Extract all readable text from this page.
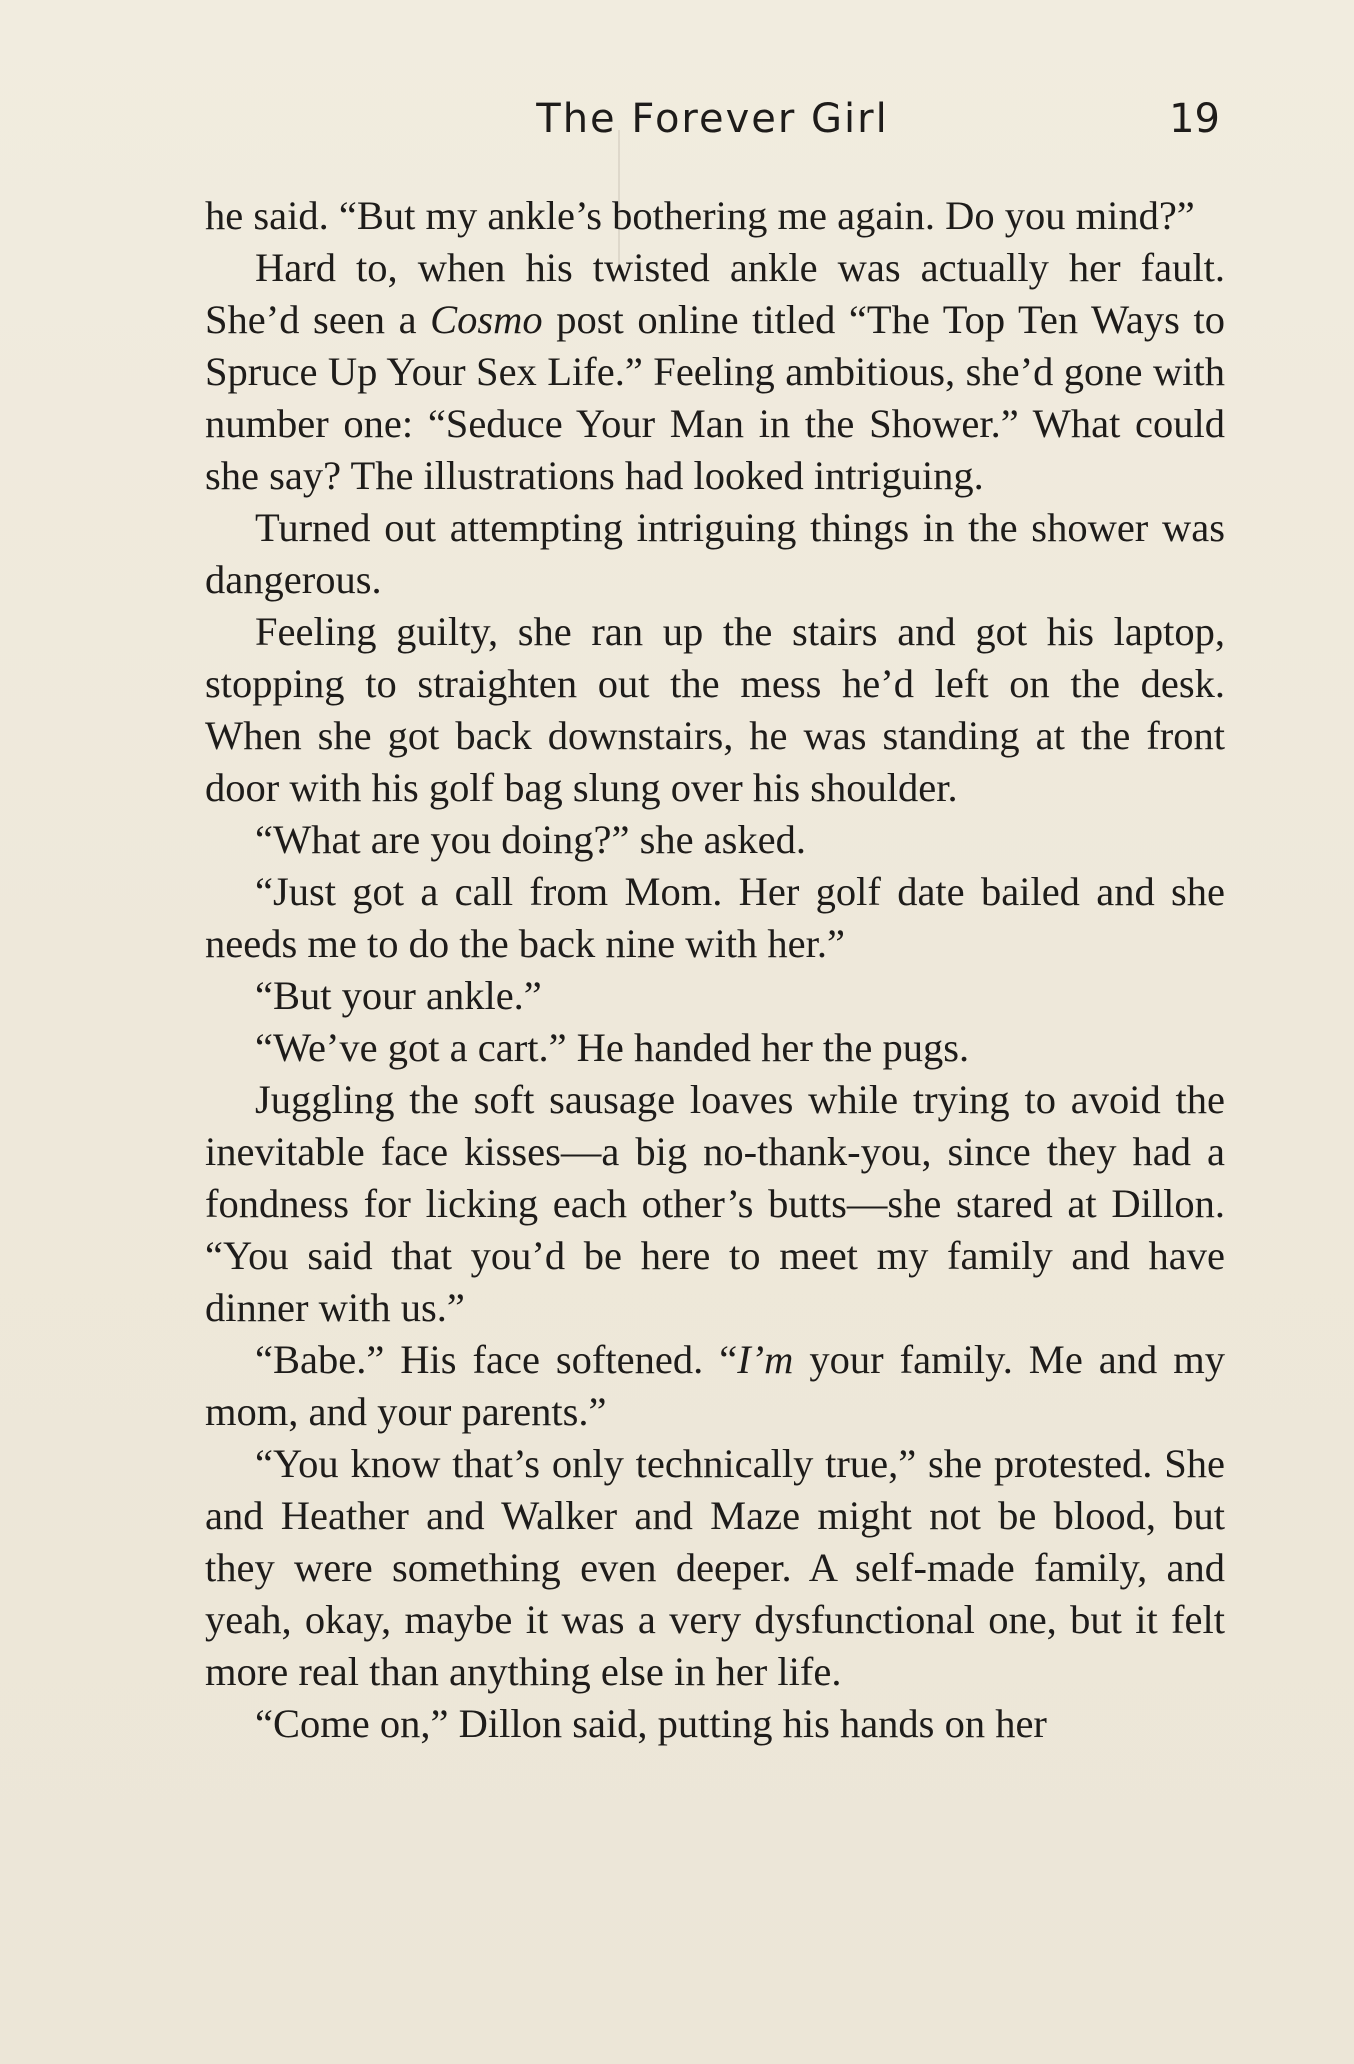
The Forever Girl	19

he said. “But my ankle’s bothering me again. Do you mind?”

Hard to, when his twisted ankle was actually her fault. She’d seen a Cosmo post online titled “The Top Ten Ways to Spruce Up Your Sex Life.” Feeling ambitious, she’d gone with number one: “Seduce Your Man in the Shower.” What could she say? The illustrations had looked intriguing.

Turned out attempting intriguing things in the shower was dangerous.

Feeling guilty, she ran up the stairs and got his laptop, stopping to straighten out the mess he’d left on the desk. When she got back downstairs, he was standing at the front door with his golf bag slung over his shoulder.

“What are you doing?” she asked.

“Just got a call from Mom. Her golf date bailed and she needs me to do the back nine with her.”

“But your ankle.”

“We’ve got a cart.” He handed her the pugs.

Juggling the soft sausage loaves while trying to avoid the inevitable face kisses—a big no-thank-you, since they had a fondness for licking each other’s butts—she stared at Dillon. “You said that you’d be here to meet my family and have dinner with us.”

“Babe.” His face softened. “I’m your family. Me and my mom, and your parents.”

“You know that’s only technically true,” she protested. She and Heather and Walker and Maze might not be blood, but they were something even deeper. A self-made family, and yeah, okay, maybe it was a very dysfunctional one, but it felt more real than anything else in her life.

“Come on,” Dillon said, putting his hands on her
